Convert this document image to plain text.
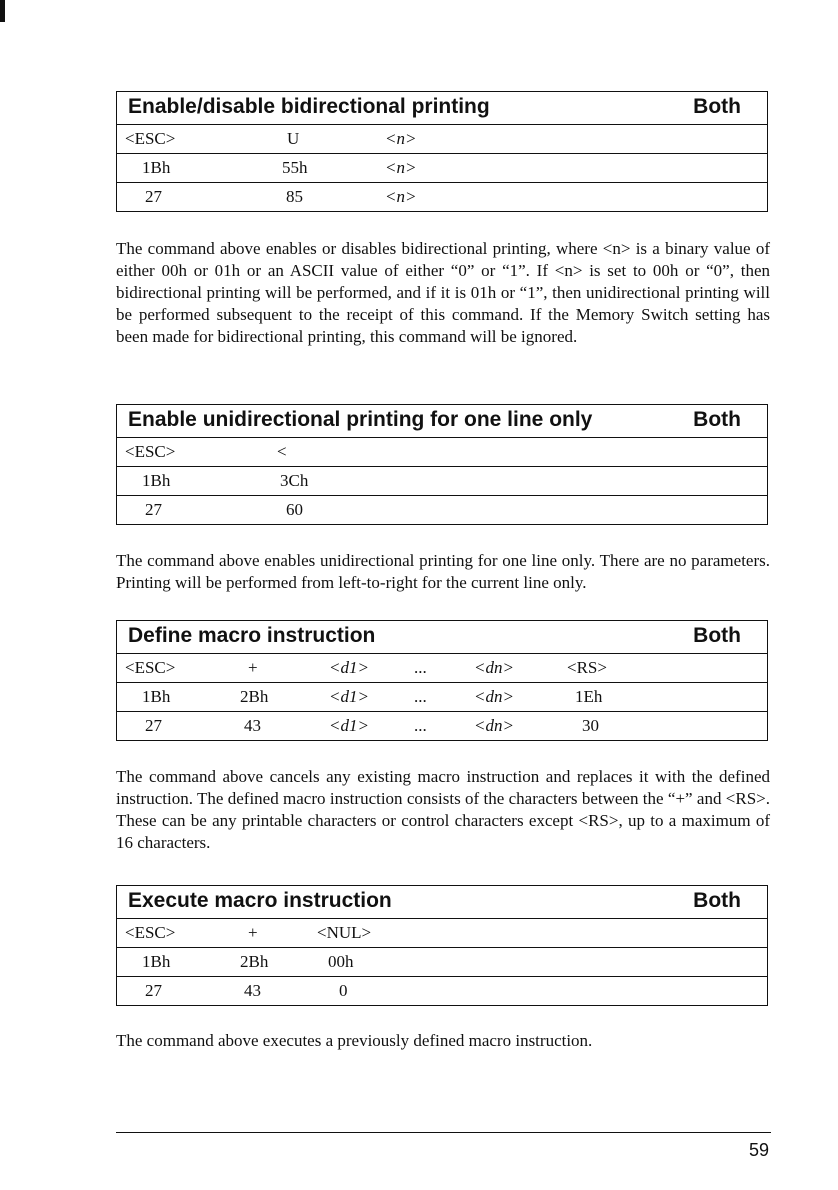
Enable/disable bidirectional printing	Both
<ESC>	U	<n>
1Bh	55h	<n>
27	85	<n>

The command above enables or disables bidirectional printing, where <n> is a binary value of either 00h or 01h or an ASCII value of either “0” or “1”. If <n> is set to 00h or “0”, then bidirectional printing will be performed, and if it is 01h or “1”, then unidirectional printing will be performed subsequent to the receipt of this command. If the Memory Switch setting has been made for bidirectional printing, this command will be ignored.

Enable unidirectional printing for one line only	Both
<ESC>	<
1Bh	3Ch
27	60

The command above enables unidirectional printing for one line only. There are no parameters. Printing will be performed from left-to-right for the current line only.

Define macro instruction	Both
<ESC>	+	<d1>	...	<dn>	<RS>
1Bh	2Bh	<d1>	...	<dn>	1Eh
27	43	<d1>	...	<dn>	30

The command above cancels any existing macro instruction and replaces it with the defined instruction. The defined macro instruction consists of the characters between the “+” and <RS>. These can be any printable characters or control characters except <RS>, up to a maximum of 16 characters.

Execute macro instruction	Both
<ESC>	+	<NUL>
1Bh	2Bh	00h
27	43	0

The command above executes a previously defined macro instruction.

59
